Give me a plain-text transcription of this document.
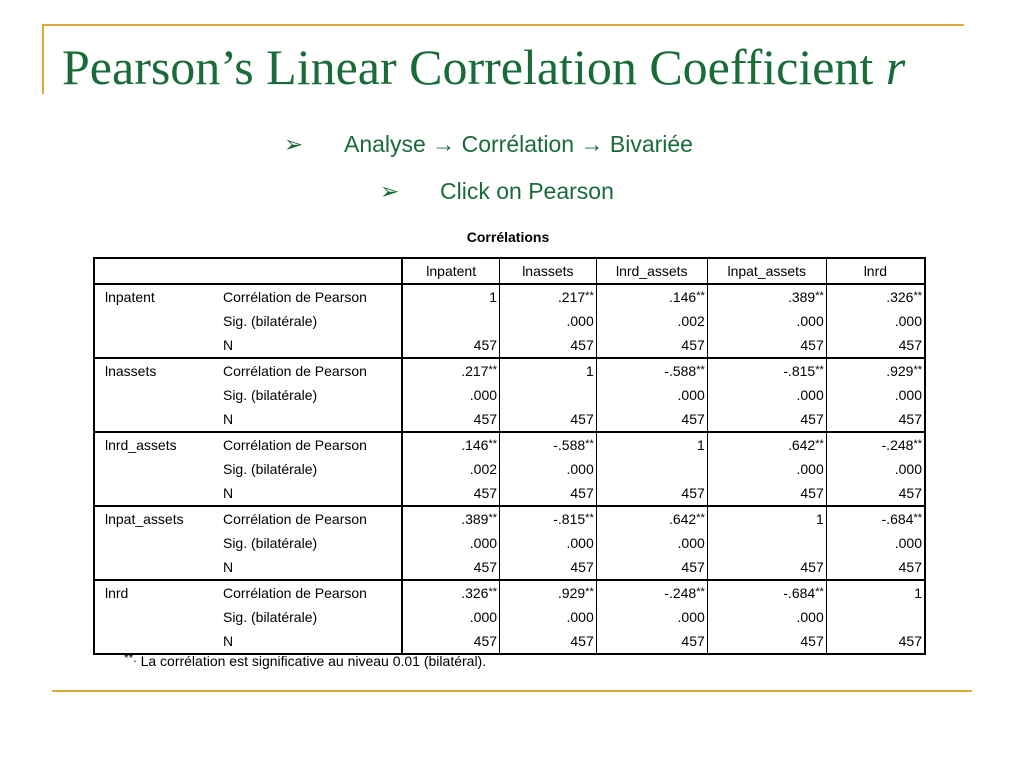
Pearson’s Linear Correlation Coefficient r
➢ Analyse → Corrélation → Bivariée
➢ Click on Pearson
Corrélations
		lnpatent	lnassets	lnrd_assets	lnpat_assets	lnrd
lnpatent	Corrélation de Pearson	1	.217**	.146**	.389**	.326**
	Sig. (bilatérale)		.000	.002	.000	.000
	N	457	457	457	457	457
lnassets	Corrélation de Pearson	.217**	1	-.588**	-.815**	.929**
	Sig. (bilatérale)	.000		.000	.000	.000
	N	457	457	457	457	457
lnrd_assets	Corrélation de Pearson	.146**	-.588**	1	.642**	-.248**
	Sig. (bilatérale)	.002	.000		.000	.000
	N	457	457	457	457	457
lnpat_assets	Corrélation de Pearson	.389**	-.815**	.642**	1	-.684**
	Sig. (bilatérale)	.000	.000	.000		.000
	N	457	457	457	457	457
lnrd	Corrélation de Pearson	.326**	.929**	-.248**	-.684**	1
	Sig. (bilatérale)	.000	.000	.000	.000	
	N	457	457	457	457	457
**. La corrélation est significative au niveau 0.01 (bilatéral).
